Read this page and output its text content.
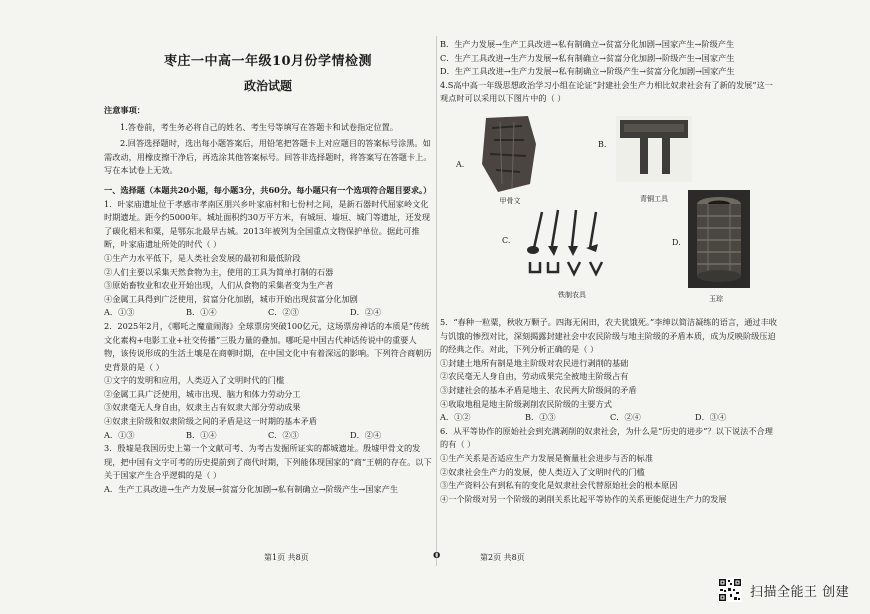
枣庄一中高一年级10月份学情检测
政治试题

注意事项：

1.答卷前，考生务必将自己的姓名、考生号等填写在答题卡和试卷指定位置。

2.回答选择题时，选出每小题答案后，用铅笔把答题卡上对应题目的答案标号涂黑。如需改动，用橡皮擦干净后，再选涂其他答案标号。回答非选择题时，将答案写在答题卡上。写在本试卷上无效。

一、选择题（本题共20小题，每小题3分，共60分。每小题只有一个选项符合题目要求。）

1．叶家庙遗址位于孝感市孝南区朋兴乡叶家庙村和七份村之间，是新石器时代屈家岭文化时期遗址。距今约5000年。城址面积约30万平方米，有城垣、墙垣、城门等遗址，还发现了碳化稻米和粟，是鄂东北最早古城。2013年被列为全国重点文物保护单位。据此可推断，叶家庙遗址所处的时代（ ）

①生产力水平低下，是人类社会发展的最初和最低阶段

②人们主要以采集天然食物为主，使用的工具为简单打制的石器

③原始畜牧业和农业开始出现，人们从食物的采集者变为生产者

④金属工具得到广泛使用，贫富分化加剧，城市开始出现贫富分化加剧

A．①③	B．①④	C．②③	D．②④

2．2025年2月，《哪吒之魔童闹海》全球票房突破100亿元，这场票房神话的本质是“传统文化素构+电影工业+社交传播”三股力量的叠加。哪吒是中国古代神话传说中的重要人物，该传说形成的生活土壤是在商朝时期，在中国文化中有着深远的影响。下列符合商朝历史背景的是（ ）

①文字的发明和应用，人类迈入了文明时代的门槛

②金属工具广泛使用，城市出现、脑力和体力劳动分工

③奴隶毫无人身自由，奴隶主占有奴隶大部分劳动成果

④奴隶主阶级和奴隶阶级之间的矛盾是这一时期的基本矛盾

A．①③	B．①④	C．②③	D．②④

3．殷墟是我国历史上第一个文献可考、为考古发掘所证实的都城遗址。殷墟甲骨文的发现，把中国有文字可考的历史提前到了商代时期，下列能体现国家的“商”王朝的存在。以下关于国家产生合乎逻辑的是（ ）

A．生产工具改进→生产力发展→贫富分化加剧→私有制确立→阶级产生→国家产生

B．生产力发展→生产工具改进→私有制确立→贫富分化加剧→国家产生→阶级产生

C．生产工具改进→生产力发展→私有制确立→贫富分化加剧→阶级产生→国家产生

D．生产工具改进→生产力发展→私有制确立→阶级产生→贫富分化加剧→国家产生

4.S高中高一年级思想政治学习小组在论证“封建社会生产力相比奴隶社会有了新的发展”这一观点时可以采用以下图片中的（ ）

A.
甲骨文
B.
青铜工具
C.
铁制农具
D.
玉琮

5．“春种一粒粟，秋收万颗子。四海无闲田，农夫犹饿死。”李绅以简洁凝练的语言，通过丰收与饥饿的惨烈对比，深刻揭露封建社会中农民阶级与地主阶级的矛盾本质，成为反映阶级压迫的经典之作。对此，下列分析正确的是（ ）

①封建土地所有制是地主阶级对农民进行剥削的基础

②农民毫无人身自由，劳动成果完全被地主阶级占有

③封建社会的基本矛盾是地主、农民两大阶级间的矛盾

④收取地租是地主阶级剥削农民阶级的主要方式

A．①②	B．①③	C．②④	D．③④

6．从平等协作的原始社会到充满剥削的奴隶社会，为什么是“历史的进步”？以下说法不合理的有（ ）

①生产关系是否适应生产力发展是衡量社会进步与否的标准

②奴隶社会生产力的发展，使人类迈入了文明时代的门槛

③生产资料公有到私有的变化是奴隶社会代替原始社会的根本原因

④一个阶级对另一个阶级的剥削关系比起平等协作的关系更能促进生产力的发展

第1页 共8页	o	第2页 共8页
扫描全能王 创建
